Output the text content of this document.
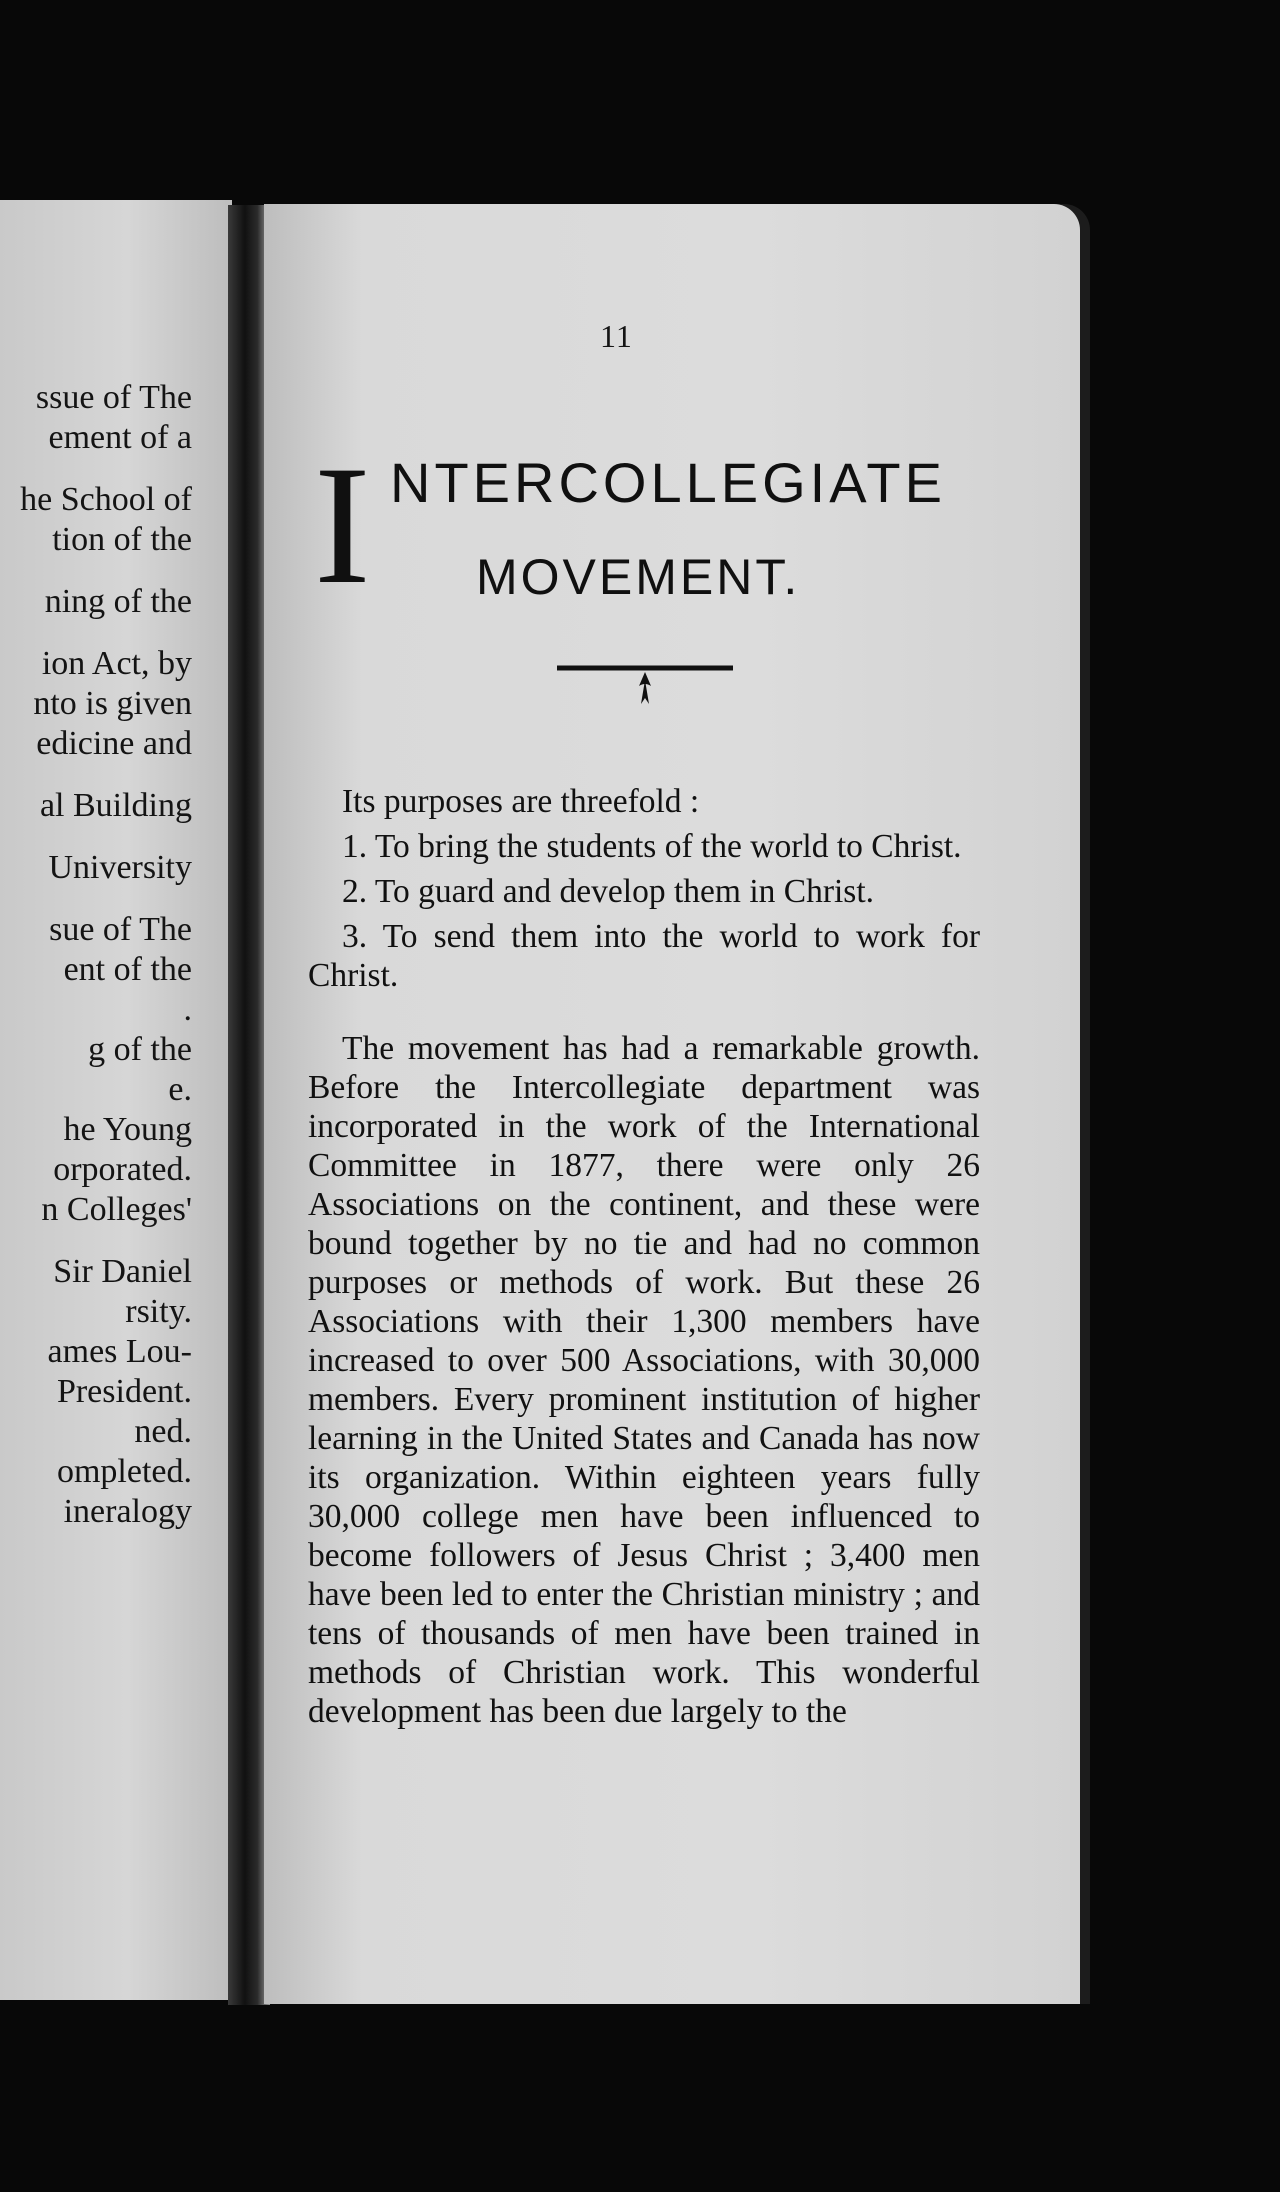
ssue of The
ement of a
he School of
tion of the
ning of the
ion Act, by
nto is given
edicine and
al Building
University
sue of The
ent of the
.
g of the
e.
he Young
orporated.
n Colleges'
Sir Daniel
rsity.
ames Lou-
President.
ned.
ompleted.
ineralogy
11
I NTERCOLLEGIATE
MOVEMENT.

Its purposes are threefold :

1. To bring the students of the world to Christ.

2. To guard and develop them in Christ.

3. To send them into the world to work for Christ.

The movement has had a remarkable growth. Before the Intercollegiate department was incorporated in the work of the International Committee in 1877, there were only 26 Associations on the continent, and these were bound together by no tie and had no common purposes or methods of work. But these 26 Associations with their 1,300 members have increased to over 500 Associations, with 30,000 members. Every prominent institution of higher learning in the United States and Canada has now its organization. Within eighteen years fully 30,000 college men have been influenced to become followers of Jesus Christ ; 3,400 men have been led to enter the Christian ministry ; and tens of thousands of men have been trained in methods of Christian work. This wonderful development has been due largely to the
